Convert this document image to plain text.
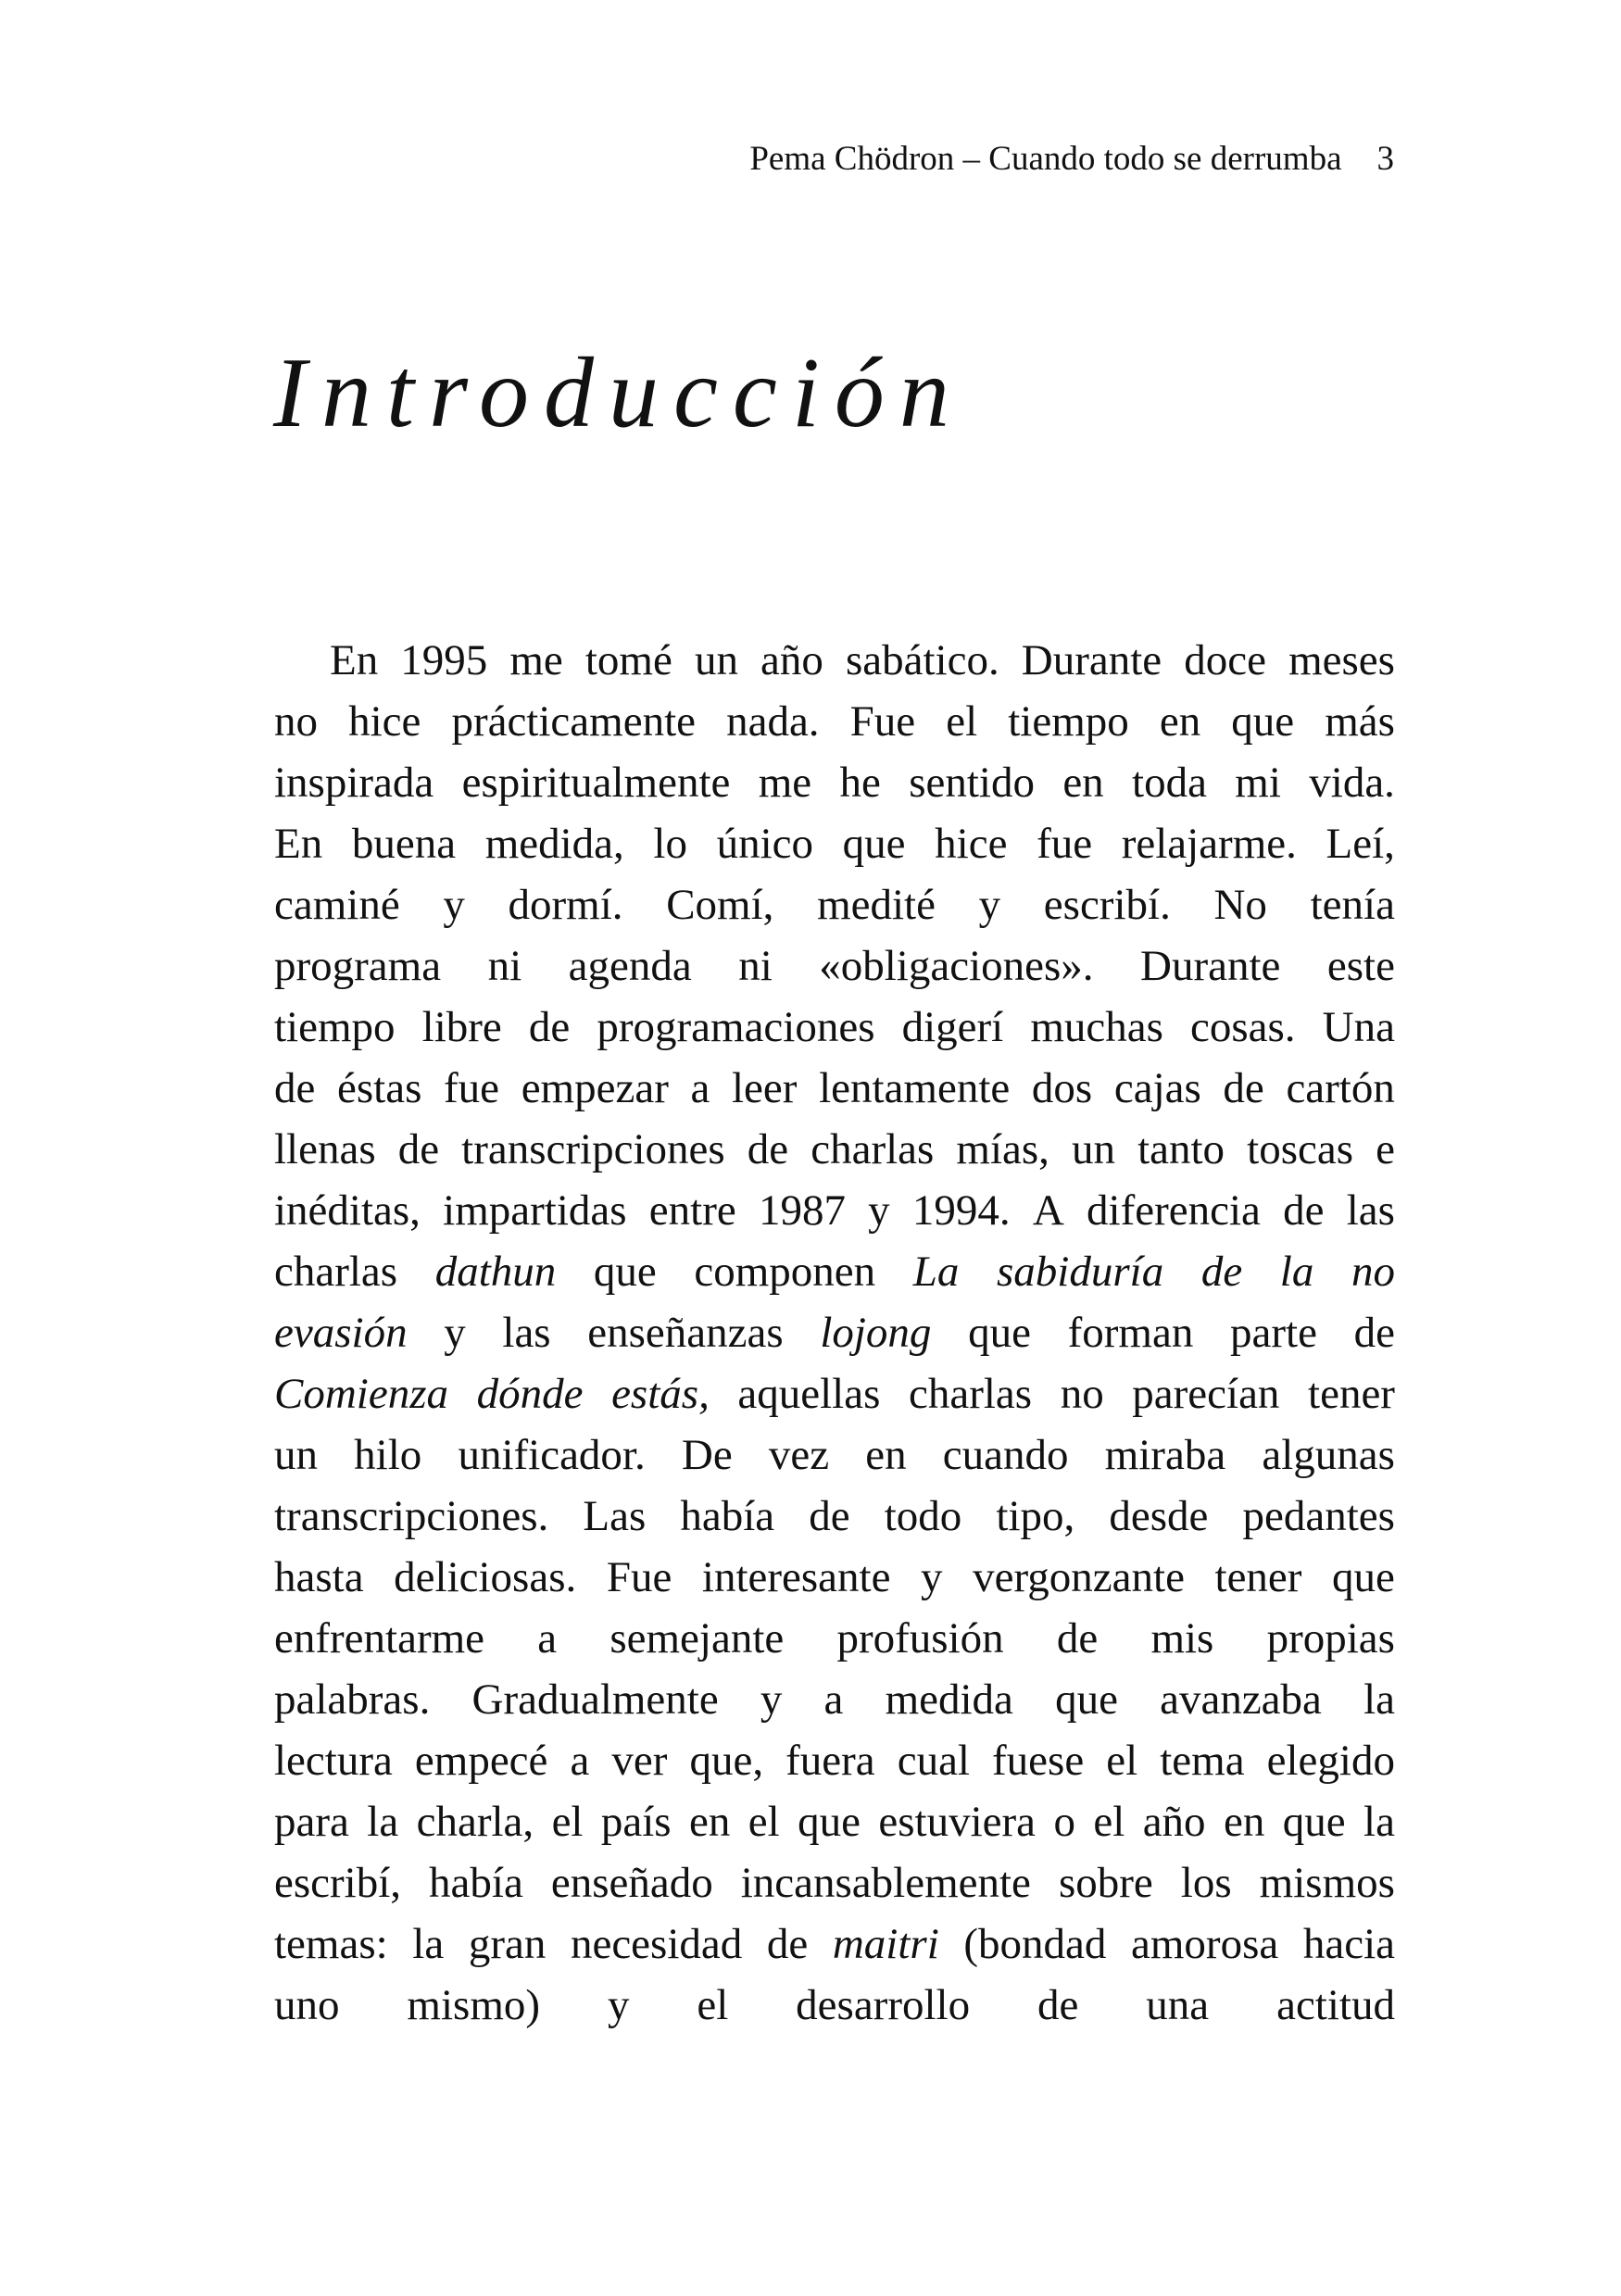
Pema Chödron – Cuando todo se derrumba 3
Introducción
En 1995 me tomé un año sabático. Durante doce meses
no hice prácticamente nada. Fue el tiempo en que más
inspirada espiritualmente me he sentido en toda mi vida.
En buena medida, lo único que hice fue relajarme. Leí,
caminé y dormí. Comí, medité y escribí. No tenía
programa ni agenda ni «obligaciones». Durante este
tiempo libre de programaciones digerí muchas cosas. Una
de éstas fue empezar a leer lentamente dos cajas de cartón
llenas de transcripciones de charlas mías, un tanto toscas e
inéditas, impartidas entre 1987 y 1994. A diferencia de las
charlas dathun que componen La sabiduría de la no
evasión y las enseñanzas lojong que forman parte de
Comienza dónde estás, aquellas charlas no parecían tener
un hilo unificador. De vez en cuando miraba algunas
transcripciones. Las había de todo tipo, desde pedantes
hasta deliciosas. Fue interesante y vergonzante tener que
enfrentarme a semejante profusión de mis propias
palabras. Gradualmente y a medida que avanzaba la
lectura empecé a ver que, fuera cual fuese el tema elegido
para la charla, el país en el que estuviera o el año en que la
escribí, había enseñado incansablemente sobre los mismos
temas: la gran necesidad de maitri (bondad amorosa hacia
uno mismo) y el desarrollo de una actitud
